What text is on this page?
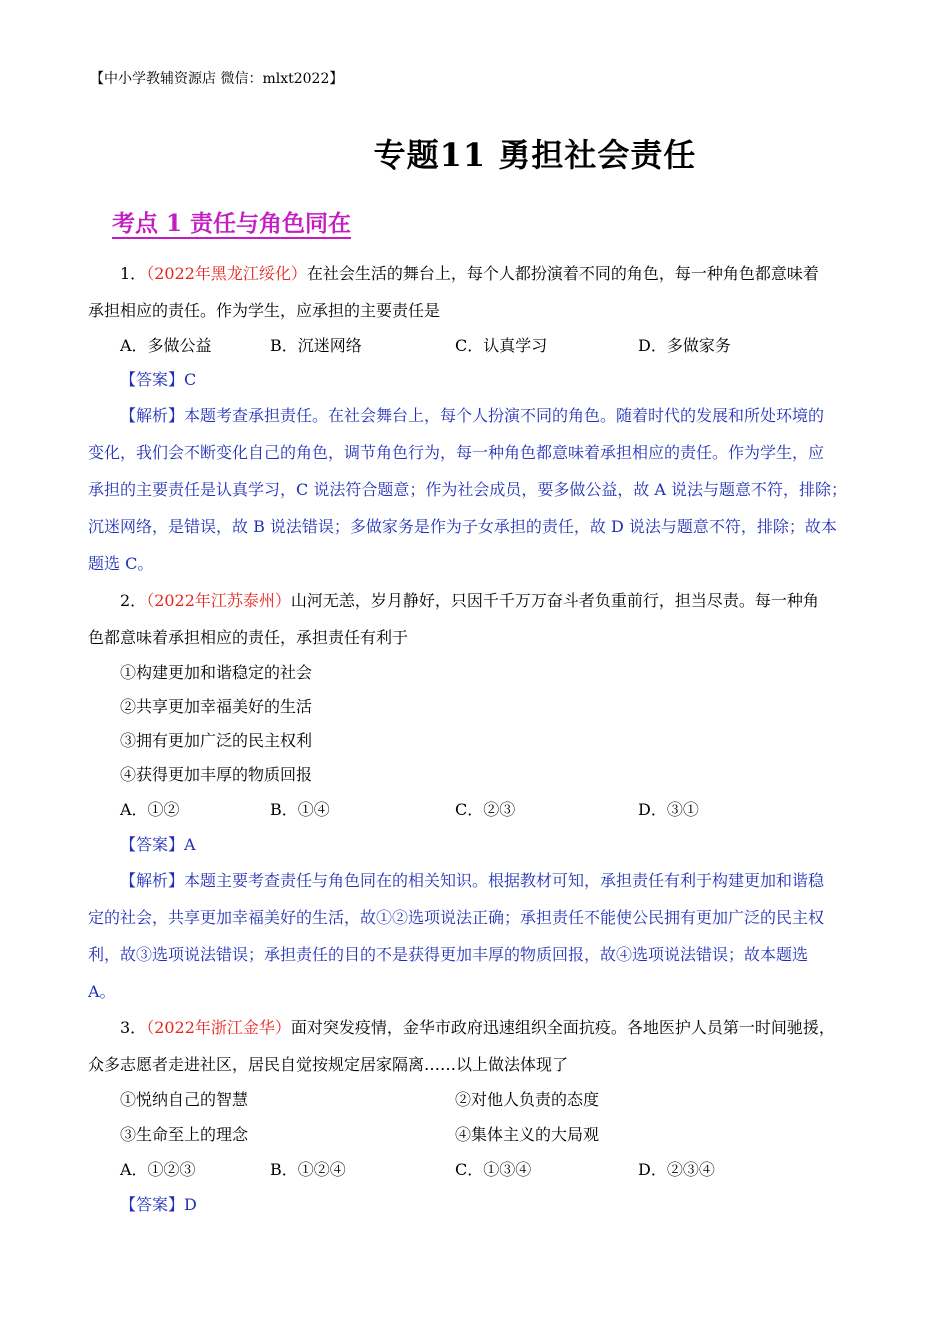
【中小学教辅资源店 微信：mlxt2022】
专题11 勇担社会责任
考点 1 责任与角色同在
1．（2022年黑龙江绥化）在社会生活的舞台上，每个人都扮演着不同的角色，每一种角色都意味着
承担相应的责任。作为学生，应承担的主要责任是
A．多做公益	B．沉迷网络	C．认真学习	D．多做家务
【答案】C
【解析】本题考查承担责任。在社会舞台上，每个人扮演不同的角色。随着时代的发展和所处环境的
变化，我们会不断变化自己的角色，调节角色行为，每一种角色都意味着承担相应的责任。作为学生，应
承担的主要责任是认真学习，C 说法符合题意；作为社会成员，要多做公益，故 A 说法与题意不符，排除；
沉迷网络，是错误，故 B 说法错误；多做家务是作为子女承担的责任，故 D 说法与题意不符，排除；故本
题选 C。
2．（2022年江苏泰州）山河无恙，岁月静好，只因千千万万奋斗者负重前行，担当尽责。每一种角
色都意味着承担相应的责任，承担责任有利于
①构建更加和谐稳定的社会
②共享更加幸福美好的生活
③拥有更加广泛的民主权利
④获得更加丰厚的物质回报
A．①②	B．①④	C．②③	D．③①
【答案】A
【解析】本题主要考查责任与角色同在的相关知识。根据教材可知，承担责任有利于构建更加和谐稳
定的社会，共享更加幸福美好的生活，故①②选项说法正确；承担责任不能使公民拥有更加广泛的民主权
利，故③选项说法错误；承担责任的目的不是获得更加丰厚的物质回报，故④选项说法错误；故本题选
A。
3．（2022年浙江金华）面对突发疫情，金华市政府迅速组织全面抗疫。各地医护人员第一时间驰援，
众多志愿者走进社区，居民自觉按规定居家隔离……以上做法体现了
①悦纳自己的智慧	②对他人负责的态度
③生命至上的理念	④集体主义的大局观
A．①②③	B．①②④	C．①③④	D．②③④
【答案】D
